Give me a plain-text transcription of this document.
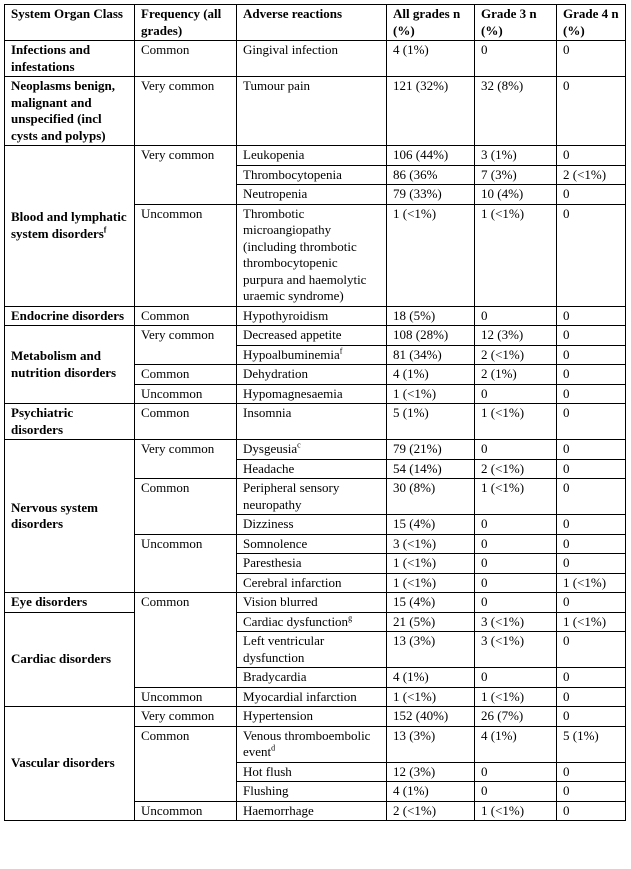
System Organ Class	Frequency (all grades)	Adverse reactions	All grades n (%)	Grade 3 n (%)	Grade 4 n (%)
Infections and infestations	Common	Gingival infection	4 (1%)	0	0
Neoplasms benign, malignant and unspecified (incl cysts and polyps)	Very common	Tumour pain	121 (32%)	32 (8%)	0
Blood and lymphatic system disorders$^f$	Very common	Leukopenia	106 (44%)	3 (1%)	0
		Thrombocytopenia	86 (36%	7 (3%)	2 (<1%)
		Neutropenia	79 (33%)	10 (4%)	0
	Uncommon	Thrombotic microangiopathy (including thrombotic thrombocytopenic purpura and haemolytic uraemic syndrome)	1 (<1%)	1 (<1%)	0
Endocrine disorders	Common	Hypothyroidism	18 (5%)	0	0
Metabolism and nutrition disorders	Very common	Decreased appetite	108 (28%)	12 (3%)	0
		Hypoalbuminemia$^f$	81 (34%)	2 (<1%)	0
	Common	Dehydration	4 (1%)	2 (1%)	0
	Uncommon	Hypomagnesaemia	1 (<1%)	0	0
Psychiatric disorders	Common	Insomnia	5 (1%)	1 (<1%)	0
Nervous system disorders	Very common	Dysgeusia$^c$	79 (21%)	0	0
		Headache	54 (14%)	2 (<1%)	0
	Common	Peripheral sensory neuropathy	30 (8%)	1 (<1%)	0
		Dizziness	15 (4%)	0	0
	Uncommon	Somnolence	3 (<1%)	0	0
		Paresthesia	1 (<1%)	0	0
		Cerebral infarction	1 (<1%)	0	1 (<1%)
Eye disorders	Common	Vision blurred	15 (4%)	0	0
Cardiac disorders		Cardiac dysfunction$^g$	21 (5%)	3 (<1%)	1 (<1%)
		Left ventricular dysfunction	13 (3%)	3 (<1%)	0
		Bradycardia	4 (1%)	0	0
	Uncommon	Myocardial infarction	1 (<1%)	1 (<1%)	0
Vascular disorders	Very common	Hypertension	152 (40%)	26 (7%)	0
	Common	Venous thromboembolic event$^d$	13 (3%)	4 (1%)	5 (1%)
		Hot flush	12 (3%)	0	0
		Flushing	4 (1%)	0	0
	Uncommon	Haemorrhage	2 (<1%)	1 (<1%)	0
